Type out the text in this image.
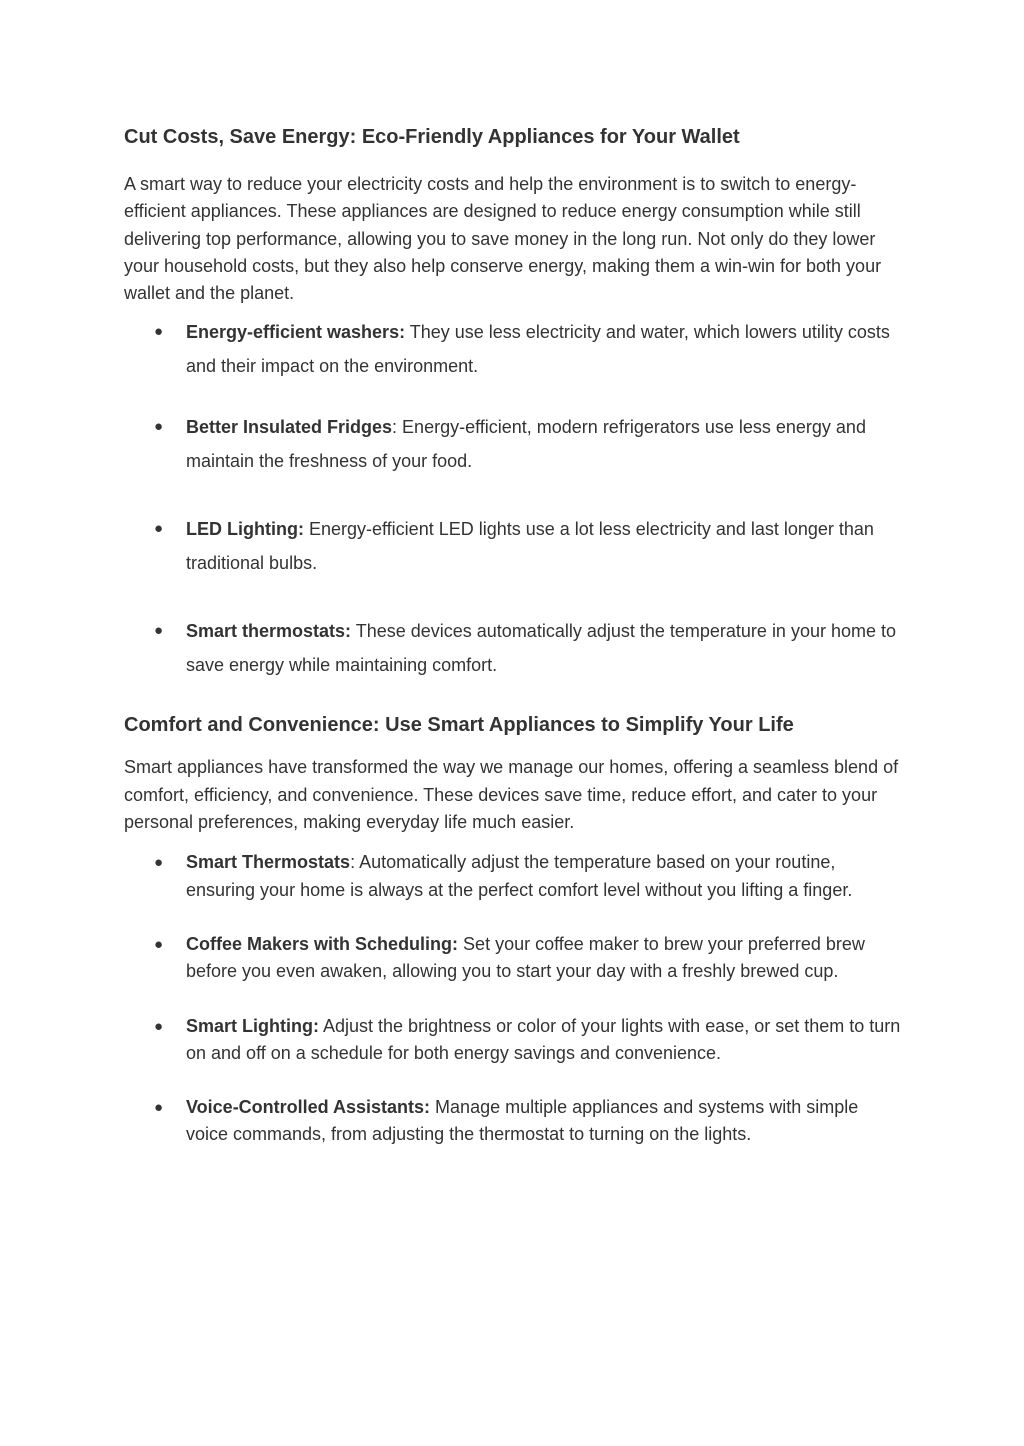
Cut Costs, Save Energy: Eco-Friendly Appliances for Your Wallet

A smart way to reduce your electricity costs and help the environment is to switch to energy-efficient appliances. These appliances are designed to reduce energy consumption while still delivering top performance, allowing you to save money in the long run. Not only do they lower your household costs, but they also help conserve energy, making them a win-win for both your wallet and the planet.

● Energy-efficient washers: They use less electricity and water, which lowers utility costs and their impact on the environment.
● Better Insulated Fridges: Energy-efficient, modern refrigerators use less energy and maintain the freshness of your food.
● LED Lighting: Energy-efficient LED lights use a lot less electricity and last longer than traditional bulbs.
● Smart thermostats: These devices automatically adjust the temperature in your home to save energy while maintaining comfort.
Comfort and Convenience: Use Smart Appliances to Simplify Your Life

Smart appliances have transformed the way we manage our homes, offering a seamless blend of comfort, efficiency, and convenience. These devices save time, reduce effort, and cater to your personal preferences, making everyday life much easier.

● Smart Thermostats: Automatically adjust the temperature based on your routine, ensuring your home is always at the perfect comfort level without you lifting a finger.
● Coffee Makers with Scheduling: Set your coffee maker to brew your preferred brew before you even awaken, allowing you to start your day with a freshly brewed cup.
● Smart Lighting: Adjust the brightness or color of your lights with ease, or set them to turn on and off on a schedule for both energy savings and convenience.
● Voice-Controlled Assistants: Manage multiple appliances and systems with simple voice commands, from adjusting the thermostat to turning on the lights.
